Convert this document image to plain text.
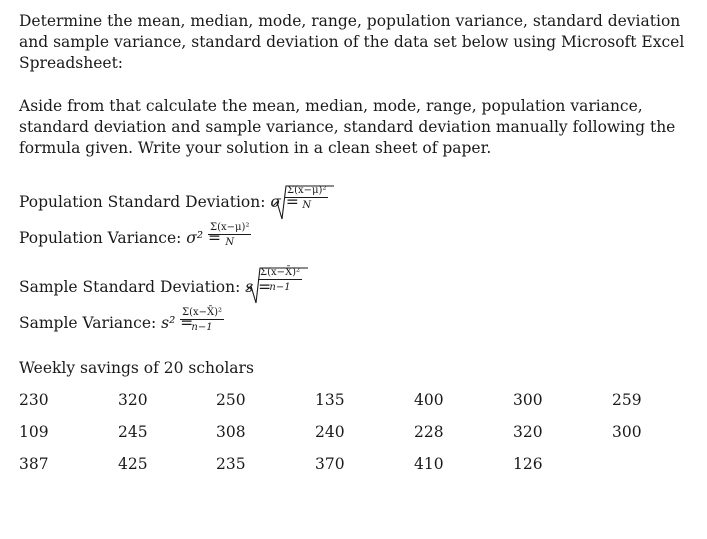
Determine the mean, median, mode, range, population variance, standard deviation and sample variance, standard deviation of the data set below using Microsoft Excel Spreadsheet:

Aside from that calculate the mean, median, mode, range, population variance, standard deviation and sample variance, standard deviation manually following the formula given. Write your solution in a clean sheet of paper.

Population Standard Deviation: σ =
$\frac{\text{Σ(x−μ)²}}{N}$
Population Variance: σ² =
$\frac{\text{Σ(x−μ)²}}{N}$
Sample Standard Deviation: s =
$\frac{\text{Σ(x−X̄)²}}{n-1}$
Sample Variance: s² =
$\frac{\text{Σ(x−X̄)²}}{n-1}$
Weekly savings of 20 scholars
230	320	250	135	400	300	259
109	245	308	240	228	320	300
387	425	235	370	410	126
